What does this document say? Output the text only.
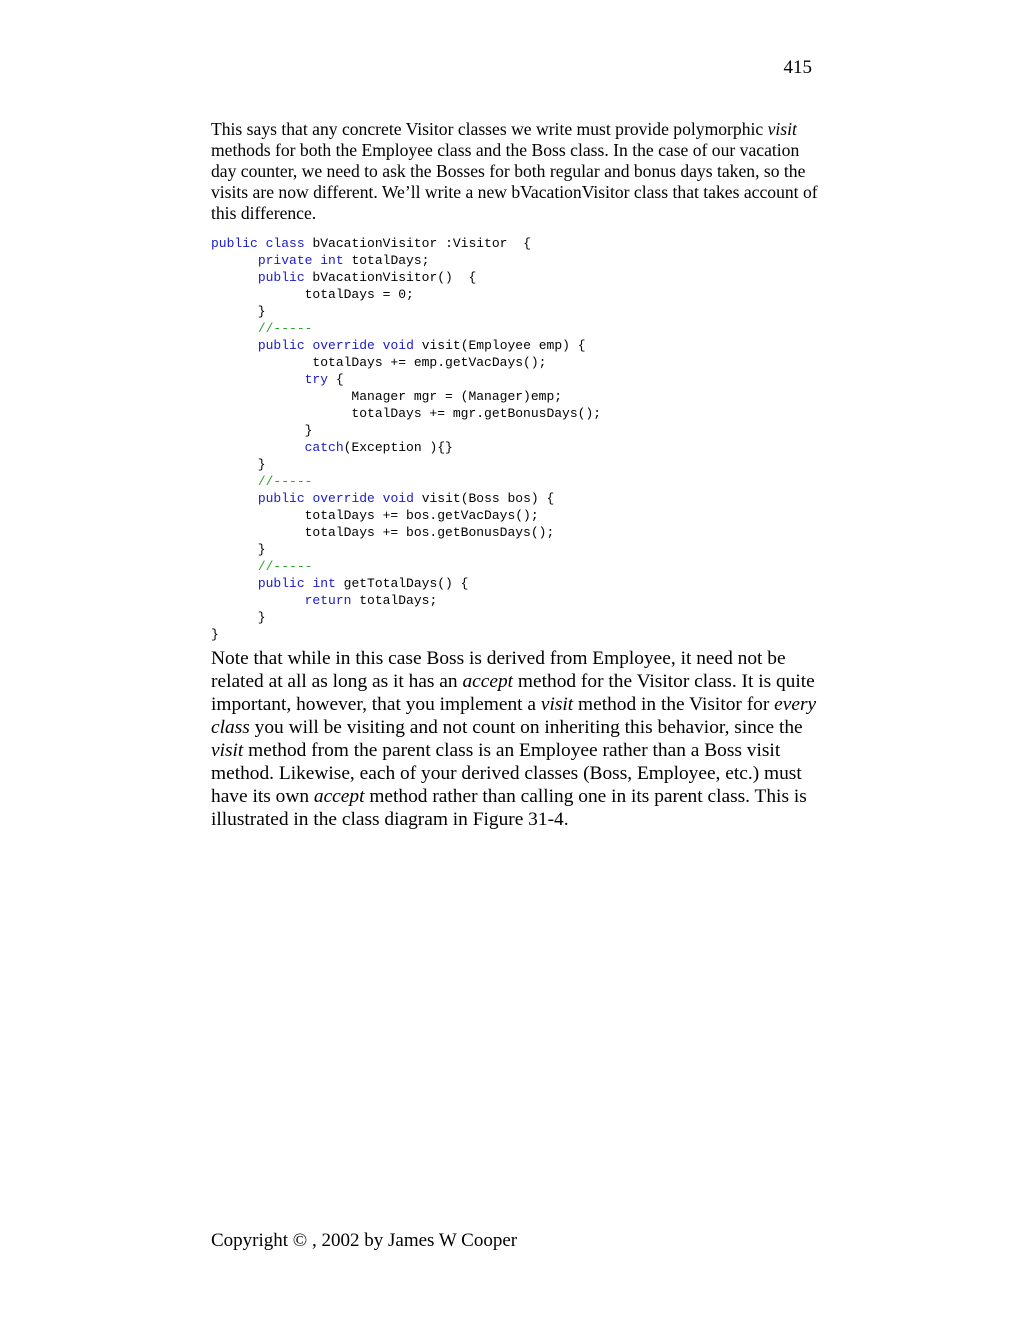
415

This says that any concrete Visitor classes we write must provide polymorphic visit methods for both the Employee class and the Boss class. In the case of our vacation day counter, we need to ask the Bosses for both regular and bonus days taken, so the visits are now different. We’ll write a new bVacationVisitor class that takes account of this difference.

public class bVacationVisitor :Visitor  {
private int totalDays;
public bVacationVisitor()  {
totalDays = 0;
}
//-----
public override void visit(Employee emp) {
totalDays += emp.getVacDays();
try {
Manager mgr = (Manager)emp;
totalDays += mgr.getBonusDays();
}
catch(Exception ){}
}
//-----
public override void visit(Boss bos) {
totalDays += bos.getVacDays();
totalDays += bos.getBonusDays();
}
//-----
public int getTotalDays() {
return totalDays;
}
}

Note that while in this case Boss is derived from Employee, it need not be related at all as long as it has an accept method for the Visitor class. It is quite important, however, that you implement a visit method in the Visitor for every class you will be visiting and not count on inheriting this behavior, since the visit method from the parent class is an Employee rather than a Boss visit method. Likewise, each of your derived classes (Boss, Employee, etc.) must have its own accept method rather than calling one in its parent class. This is illustrated in the class diagram in Figure 31-4.

Copyright © , 2002 by James W Cooper
